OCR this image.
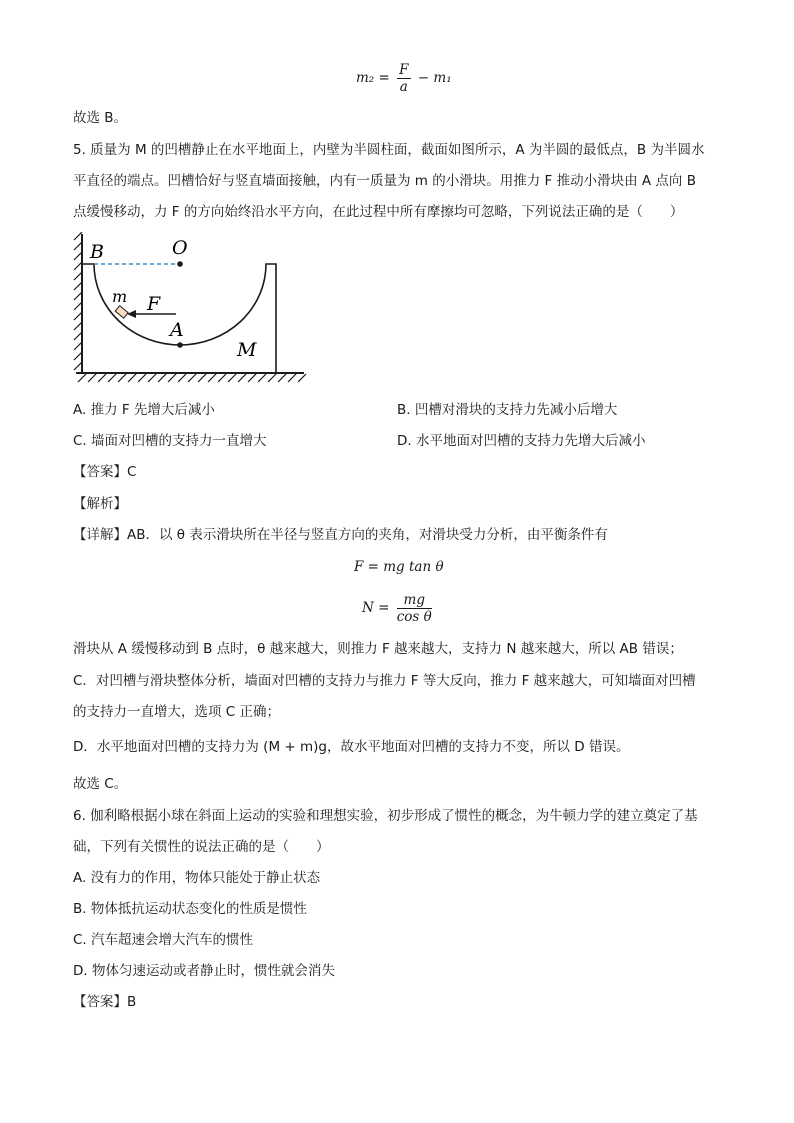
$m_2 = \frac{F}{a} - m_1$
故选 B。
5. 质量为 M 的凹槽静止在水平地面上，内壁为半圆柱面，截面如图所示，A 为半圆的最低点，B 为半圆水
平直径的端点。凹槽恰好与竖直墙面接触，内有一质量为 m 的小滑块。用推力 F 推动小滑块由 A 点向 B
点缓慢移动，力 F 的方向始终沿水平方向，在此过程中所有摩擦均可忽略，下列说法正确的是（　　）
B	O
m F
A
M
A. 推力 F 先增大后减小	B. 凹槽对滑块的支持力先减小后增大
C. 墙面对凹槽的支持力一直增大	D. 水平地面对凹槽的支持力先增大后减小
【答案】C
【解析】
【详解】AB．以 θ 表示滑块所在半径与竖直方向的夹角，对滑块受力分析，由平衡条件有
F = mg tan θ
$N = \frac{mg}{\text{cos θ}}$
滑块从 A 缓慢移动到 B 点时，θ 越来越大，则推力 F 越来越大，支持力 N 越来越大，所以 AB 错误；
C．对凹槽与滑块整体分析，墙面对凹槽的支持力与推力 F 等大反向，推力 F 越来越大，可知墙面对凹槽
的支持力一直增大，选项 C 正确；
D．水平地面对凹槽的支持力为 (M + m)g，故水平地面对凹槽的支持力不变，所以 D 错误。
故选 C。
6. 伽利略根据小球在斜面上运动的实验和理想实验，初步形成了惯性的概念，为牛顿力学的建立奠定了基
础，下列有关惯性的说法正确的是（　　）
A. 没有力的作用，物体只能处于静止状态
B. 物体抵抗运动状态变化的性质是惯性
C. 汽车超速会增大汽车的惯性
D. 物体匀速运动或者静止时，惯性就会消失
【答案】B
